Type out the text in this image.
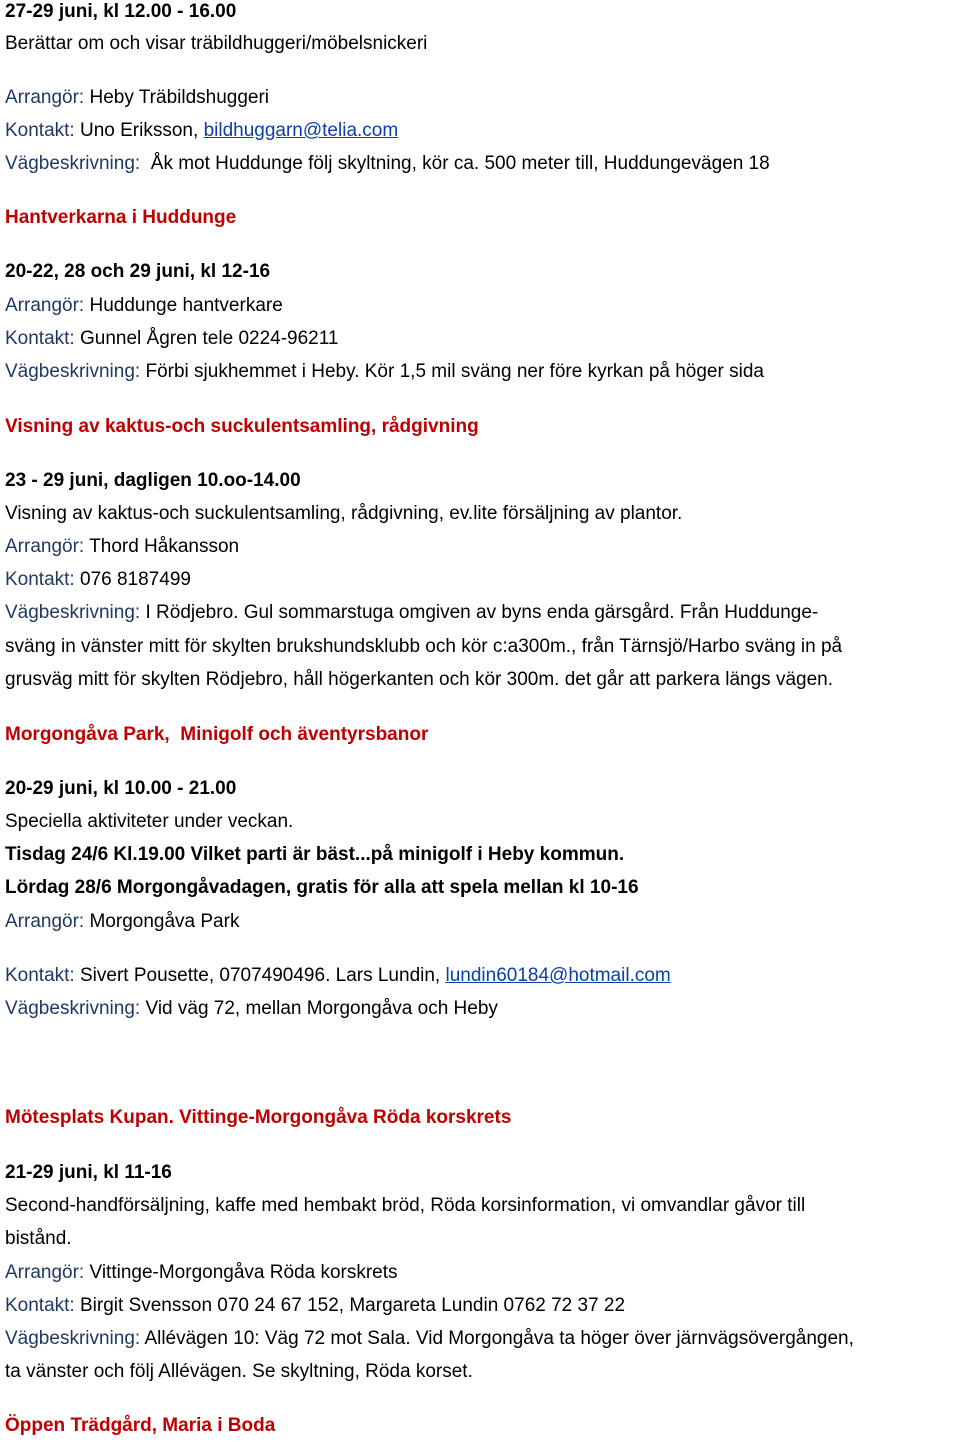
27-29 juni, kl 12.00 - 16.00
Berättar om och visar träbildhuggeri/möbelsnickeri
Arrangör: Heby Träbildshuggeri
Kontakt: Uno Eriksson, bildhuggarn@telia.com
Vägbeskrivning: Åk mot Huddunge följ skyltning, kör ca. 500 meter till, Huddungevägen 18
Hantverkarna i Huddunge
20-22, 28 och 29 juni, kl 12-16
Arrangör: Huddunge hantverkare
Kontakt: Gunnel Ågren tele 0224-96211
Vägbeskrivning: Förbi sjukhemmet i Heby. Kör 1,5 mil sväng ner före kyrkan på höger sida
Visning av kaktus-och suckulentsamling, rådgivning
23 - 29 juni, dagligen 10.oo-14.00
Visning av kaktus-och suckulentsamling, rådgivning, ev.lite försäljning av plantor.
Arrangör: Thord Håkansson
Kontakt: 076 8187499
Vägbeskrivning: I Rödjebro. Gul sommarstuga omgiven av byns enda gärsgård. Från Huddunge-
sväng in vänster mitt för skylten brukshundsklubb och kör c:a300m., från Tärnsjö/Harbo sväng in på
grusväg mitt för skylten Rödjebro, håll högerkanten och kör 300m. det går att parkera längs vägen.
Morgongåva Park,  Minigolf och äventyrsbanor
20-29 juni, kl 10.00 - 21.00
Speciella aktiviteter under veckan.
Tisdag 24/6 Kl.19.00 Vilket parti är bäst...på minigolf i Heby kommun.
Lördag 28/6 Morgongåvadagen, gratis för alla att spela mellan kl 10-16
Arrangör: Morgongåva Park
Kontakt: Sivert Pousette, 0707490496. Lars Lundin, lundin60184@hotmail.com
Vägbeskrivning: Vid väg 72, mellan Morgongåva och Heby
Mötesplats Kupan. Vittinge-Morgongåva Röda korskrets
21-29 juni, kl 11-16
Second-handförsäljning, kaffe med hembakt bröd, Röda korsinformation, vi omvandlar gåvor till
bistånd.
Arrangör: Vittinge-Morgongåva Röda korskrets
Kontakt: Birgit Svensson 070 24 67 152, Margareta Lundin 0762 72 37 22
Vägbeskrivning: Allévägen 10: Väg 72 mot Sala. Vid Morgongåva ta höger över järnvägsövergången,
ta vänster och följ Allévägen. Se skyltning, Röda korset.
Öppen Trädgård, Maria i Boda
